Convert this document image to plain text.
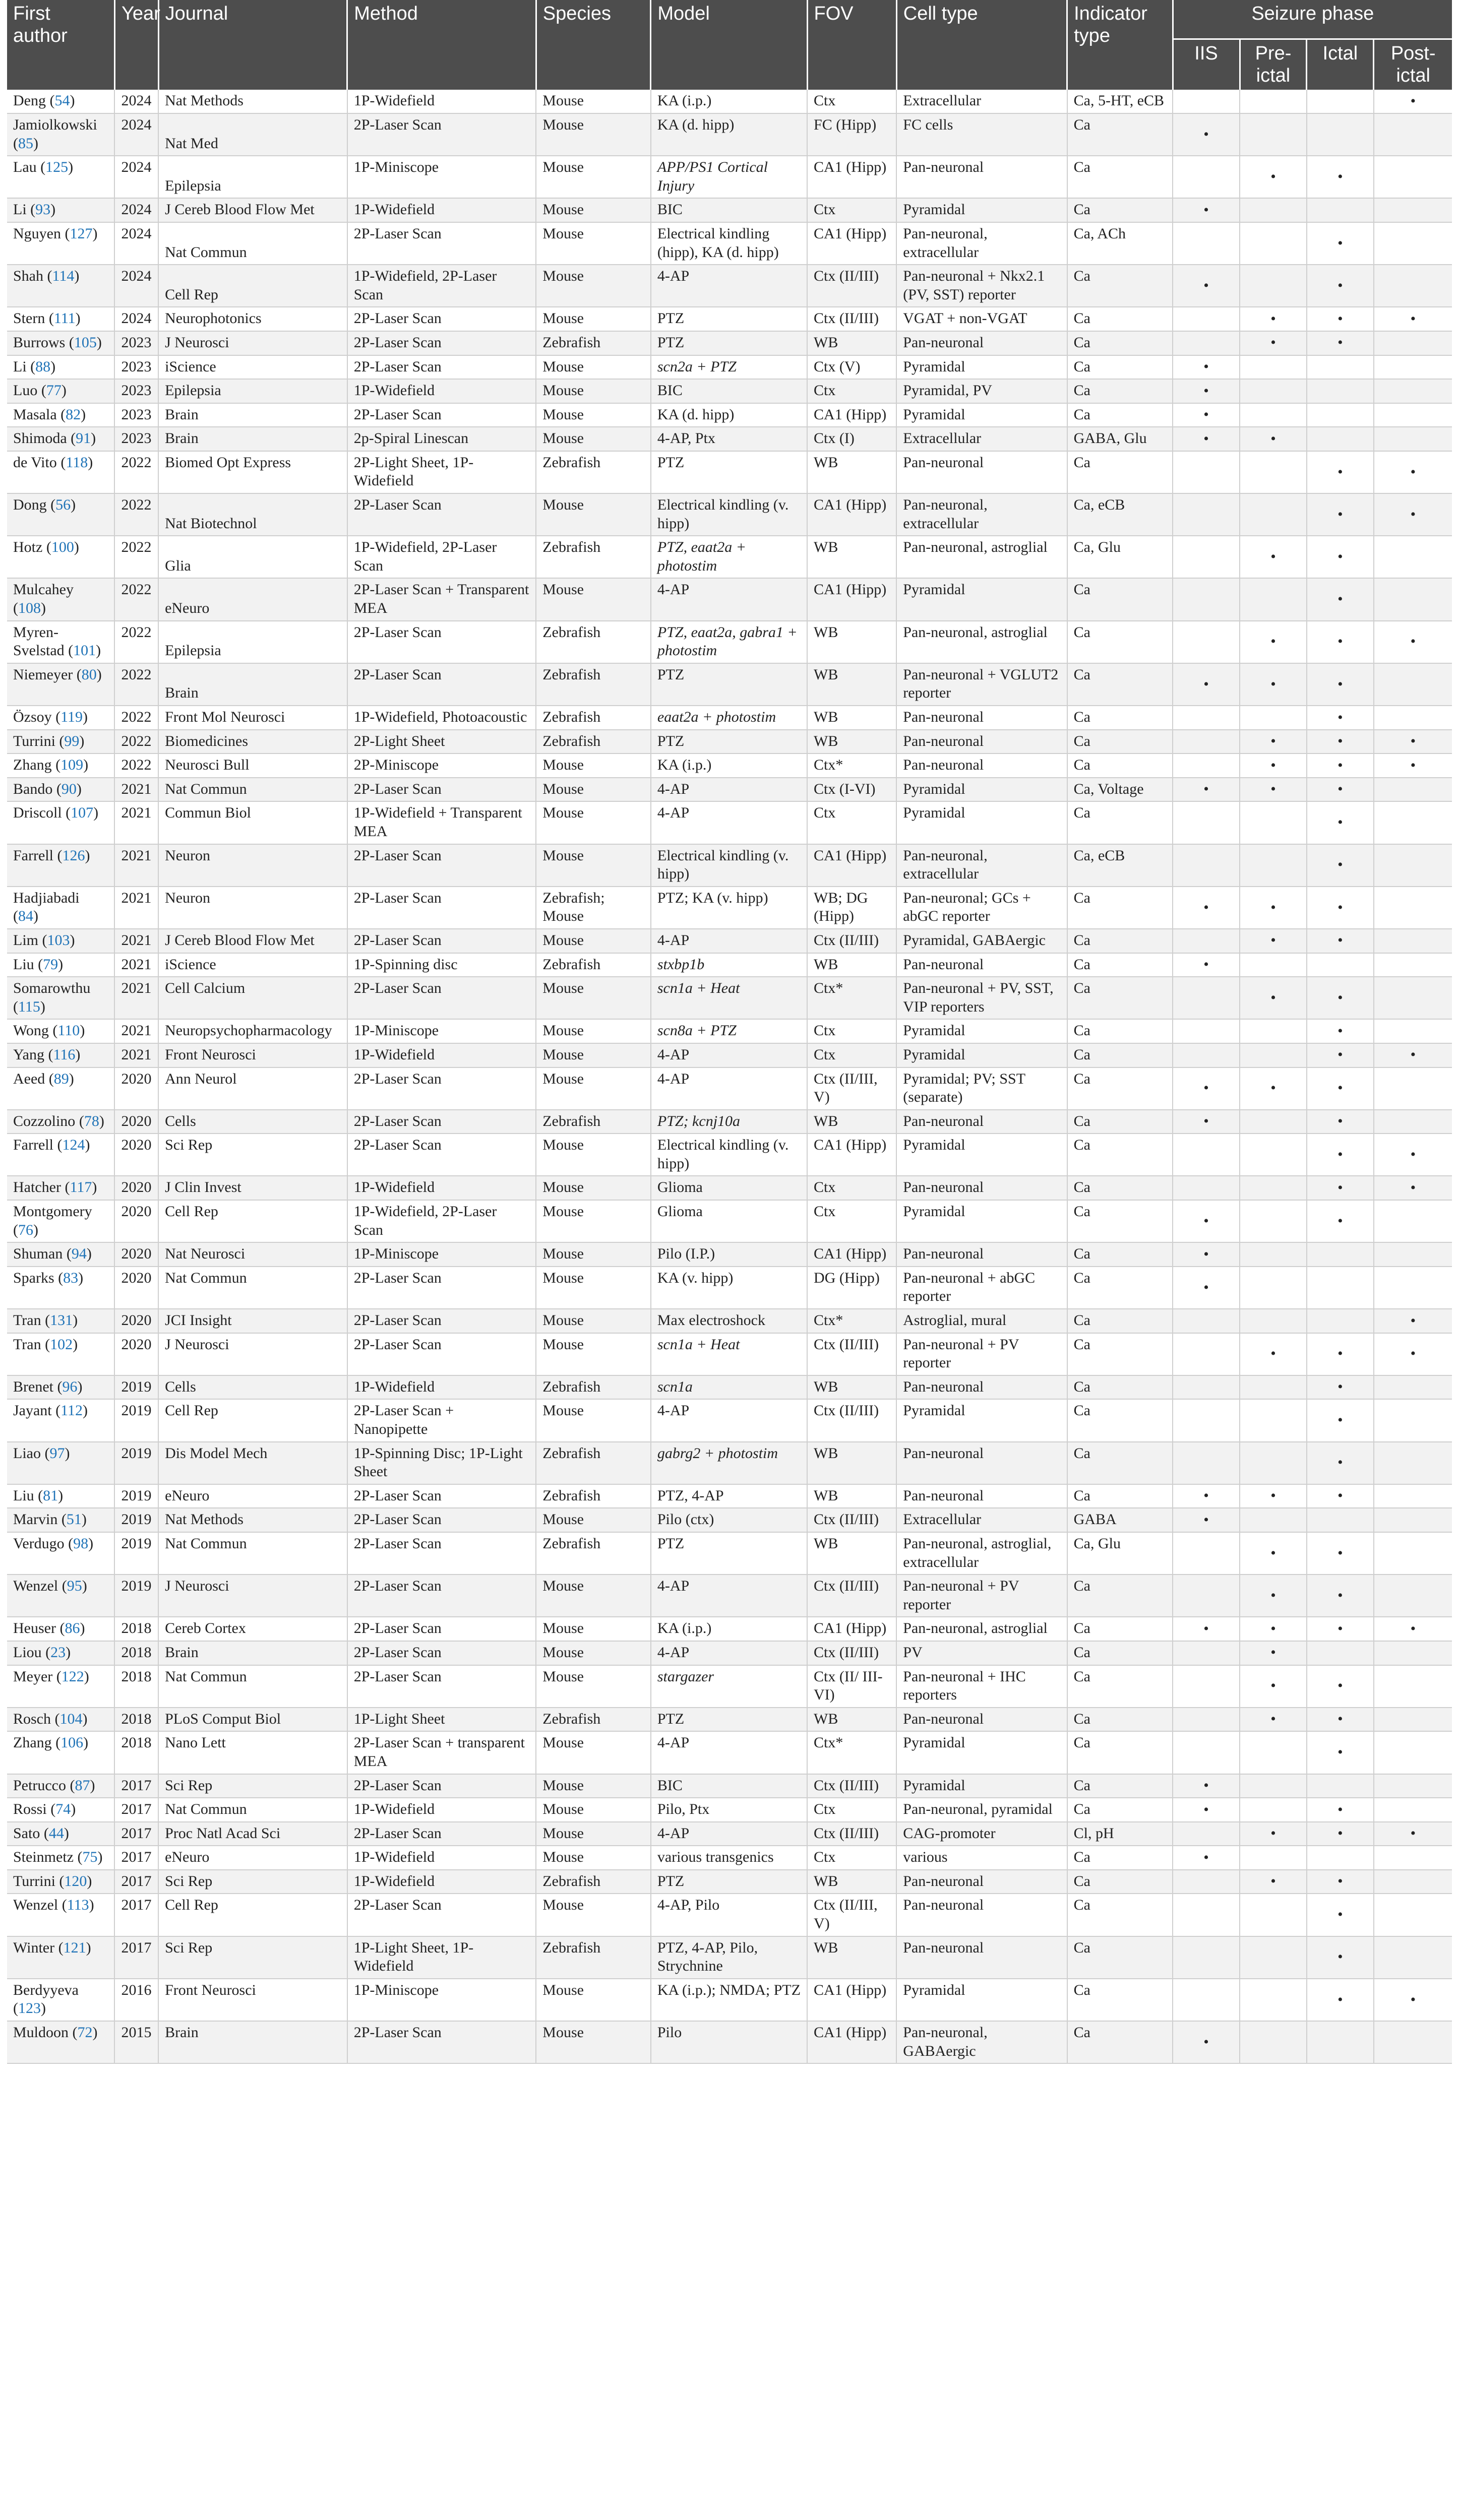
First author	Year	Journal	Method	Species	Model	FOV	Cell type	Indicator type	Seizure phase			
									IIS	Pre-ictal	Ictal	Post-ictal
Deng (54)	2024	Nat Methods	1P-Widefield	Mouse	KA (i.p.)	Ctx	Extracellular	Ca, 5-HT, eCB				•
Jamiolkowski (85)	2024	Nat Med	2P-Laser Scan	Mouse	KA (d. hipp)	FC (Hipp)	FC cells	Ca	•			
Lau (125)	2024	Epilepsia	1P-Miniscope	Mouse	APP/PS1 Cortical Injury	CA1 (Hipp)	Pan-neuronal	Ca		•	•	
Li (93)	2024	J Cereb Blood Flow Met	1P-Widefield	Mouse	BIC	Ctx	Pyramidal	Ca	•			
Nguyen (127)	2024	Nat Commun	2P-Laser Scan	Mouse	Electrical kindling (hipp), KA (d. hipp)	CA1 (Hipp)	Pan-neuronal, extracellular	Ca, ACh			•	
Shah (114)	2024	Cell Rep	1P-Widefield, 2P-Laser Scan	Mouse	4-AP	Ctx (II/III)	Pan-neuronal + Nkx2.1 (PV, SST) reporter	Ca	•		•	
Stern (111)	2024	Neurophotonics	2P-Laser Scan	Mouse	PTZ	Ctx (II/III)	VGAT + non-VGAT	Ca		•	•	•
Burrows (105)	2023	J Neurosci	2P-Laser Scan	Zebrafish	PTZ	WB	Pan-neuronal	Ca		•	•	
Li (88)	2023	iScience	2P-Laser Scan	Mouse	scn2a + PTZ	Ctx (V)	Pyramidal	Ca	•			
Luo (77)	2023	Epilepsia	1P-Widefield	Mouse	BIC	Ctx	Pyramidal, PV	Ca	•			
Masala (82)	2023	Brain	2P-Laser Scan	Mouse	KA (d. hipp)	CA1 (Hipp)	Pyramidal	Ca	•			
Shimoda (91)	2023	Brain	2p-Spiral Linescan	Mouse	4-AP, Ptx	Ctx (I)	Extracellular	GABA, Glu	•	•		
de Vito (118)	2022	Biomed Opt Express	2P-Light Sheet, 1P-Widefield	Zebrafish	PTZ	WB	Pan-neuronal	Ca			•	•
Dong (56)	2022	Nat Biotechnol	2P-Laser Scan	Mouse	Electrical kindling (v. hipp)	CA1 (Hipp)	Pan-neuronal, extracellular	Ca, eCB			•	•
Hotz (100)	2022	Glia	1P-Widefield, 2P-Laser Scan	Zebrafish	PTZ, eaat2a + photostim	WB	Pan-neuronal, astroglial	Ca, Glu		•	•	
Mulcahey (108)	2022	eNeuro	2P-Laser Scan + Transparent MEA	Mouse	4-AP	CA1 (Hipp)	Pyramidal	Ca			•	
Myren-Svelstad (101)	2022	Epilepsia	2P-Laser Scan	Zebrafish	PTZ, eaat2a, gabra1 + photostim	WB	Pan-neuronal, astroglial	Ca		•	•	•
Niemeyer (80)	2022	Brain	2P-Laser Scan	Zebrafish	PTZ	WB	Pan-neuronal + VGLUT2 reporter	Ca	•	•	•	
Özsoy (119)	2022	Front Mol Neurosci	1P-Widefield, Photoacoustic	Zebrafish	eaat2a + photostim	WB	Pan-neuronal	Ca			•	
Turrini (99)	2022	Biomedicines	2P-Light Sheet	Zebrafish	PTZ	WB	Pan-neuronal	Ca		•	•	•
Zhang (109)	2022	Neurosci Bull	2P-Miniscope	Mouse	KA (i.p.)	Ctx*	Pan-neuronal	Ca		•	•	•
Bando (90)	2021	Nat Commun	2P-Laser Scan	Mouse	4-AP	Ctx (I-VI)	Pyramidal	Ca, Voltage	•	•	•	
Driscoll (107)	2021	Commun Biol	1P-Widefield + Transparent MEA	Mouse	4-AP	Ctx	Pyramidal	Ca			•	
Farrell (126)	2021	Neuron	2P-Laser Scan	Mouse	Electrical kindling (v. hipp)	CA1 (Hipp)	Pan-neuronal, extracellular	Ca, eCB			•	
Hadjiabadi (84)	2021	Neuron	2P-Laser Scan	Zebrafish; Mouse	PTZ; KA (v. hipp)	WB; DG (Hipp)	Pan-neuronal; GCs + abGC reporter	Ca	•	•	•	
Lim (103)	2021	J Cereb Blood Flow Met	2P-Laser Scan	Mouse	4-AP	Ctx (II/III)	Pyramidal, GABAergic	Ca		•	•	
Liu (79)	2021	iScience	1P-Spinning disc	Zebrafish	stxbp1b	WB	Pan-neuronal	Ca	•			
Somarowthu (115)	2021	Cell Calcium	2P-Laser Scan	Mouse	scn1a + Heat	Ctx*	Pan-neuronal + PV, SST, VIP reporters	Ca		•	•	
Wong (110)	2021	Neuropsychopharmacology	1P-Miniscope	Mouse	scn8a + PTZ	Ctx	Pyramidal	Ca			•	
Yang (116)	2021	Front Neurosci	1P-Widefield	Mouse	4-AP	Ctx	Pyramidal	Ca			•	•
Aeed (89)	2020	Ann Neurol	2P-Laser Scan	Mouse	4-AP	Ctx (II/III, V)	Pyramidal; PV; SST (separate)	Ca	•	•	•	
Cozzolino (78)	2020	Cells	2P-Laser Scan	Zebrafish	PTZ; kcnj10a	WB	Pan-neuronal	Ca	•		•	
Farrell (124)	2020	Sci Rep	2P-Laser Scan	Mouse	Electrical kindling (v. hipp)	CA1 (Hipp)	Pyramidal	Ca			•	•
Hatcher (117)	2020	J Clin Invest	1P-Widefield	Mouse	Glioma	Ctx	Pan-neuronal	Ca			•	•
Montgomery (76)	2020	Cell Rep	1P-Widefield, 2P-Laser Scan	Mouse	Glioma	Ctx	Pyramidal	Ca	•		•	
Shuman (94)	2020	Nat Neurosci	1P-Miniscope	Mouse	Pilo (I.P.)	CA1 (Hipp)	Pan-neuronal	Ca	•			
Sparks (83)	2020	Nat Commun	2P-Laser Scan	Mouse	KA (v. hipp)	DG (Hipp)	Pan-neuronal + abGC reporter	Ca	•			
Tran (131)	2020	JCI Insight	2P-Laser Scan	Mouse	Max electroshock	Ctx*	Astroglial, mural	Ca				•
Tran (102)	2020	J Neurosci	2P-Laser Scan	Mouse	scn1a + Heat	Ctx (II/III)	Pan-neuronal + PV reporter	Ca		•	•	•
Brenet (96)	2019	Cells	1P-Widefield	Zebrafish	scn1a	WB	Pan-neuronal	Ca			•	
Jayant (112)	2019	Cell Rep	2P-Laser Scan + Nanopipette	Mouse	4-AP	Ctx (II/III)	Pyramidal	Ca			•	
Liao (97)	2019	Dis Model Mech	1P-Spinning Disc; 1P-Light Sheet	Zebrafish	gabrg2 + photostim	WB	Pan-neuronal	Ca			•	
Liu (81)	2019	eNeuro	2P-Laser Scan	Zebrafish	PTZ, 4-AP	WB	Pan-neuronal	Ca	•	•	•	
Marvin (51)	2019	Nat Methods	2P-Laser Scan	Mouse	Pilo (ctx)	Ctx (II/III)	Extracellular	GABA	•			
Verdugo (98)	2019	Nat Commun	2P-Laser Scan	Zebrafish	PTZ	WB	Pan-neuronal, astroglial, extracellular	Ca, Glu		•	•	
Wenzel (95)	2019	J Neurosci	2P-Laser Scan	Mouse	4-AP	Ctx (II/III)	Pan-neuronal + PV reporter	Ca		•	•	
Heuser (86)	2018	Cereb Cortex	2P-Laser Scan	Mouse	KA (i.p.)	CA1 (Hipp)	Pan-neuronal, astroglial	Ca	•	•	•	•
Liou (23)	2018	Brain	2P-Laser Scan	Mouse	4-AP	Ctx (II/III)	PV	Ca		•		
Meyer (122)	2018	Nat Commun	2P-Laser Scan	Mouse	stargazer	Ctx (II/ III-VI)	Pan-neuronal + IHC reporters	Ca		•	•	
Rosch (104)	2018	PLoS Comput Biol	1P-Light Sheet	Zebrafish	PTZ	WB	Pan-neuronal	Ca		•	•	
Zhang (106)	2018	Nano Lett	2P-Laser Scan + transparent MEA	Mouse	4-AP	Ctx*	Pyramidal	Ca			•	
Petrucco (87)	2017	Sci Rep	2P-Laser Scan	Mouse	BIC	Ctx (II/III)	Pyramidal	Ca	•			
Rossi (74)	2017	Nat Commun	1P-Widefield	Mouse	Pilo, Ptx	Ctx	Pan-neuronal, pyramidal	Ca	•		•	
Sato (44)	2017	Proc Natl Acad Sci	2P-Laser Scan	Mouse	4-AP	Ctx (II/III)	CAG-promoter	Cl, pH		•	•	•
Steinmetz (75)	2017	eNeuro	1P-Widefield	Mouse	various transgenics	Ctx	various	Ca	•			
Turrini (120)	2017	Sci Rep	1P-Widefield	Zebrafish	PTZ	WB	Pan-neuronal	Ca		•	•	
Wenzel (113)	2017	Cell Rep	2P-Laser Scan	Mouse	4-AP, Pilo	Ctx (II/III, V)	Pan-neuronal	Ca			•	
Winter (121)	2017	Sci Rep	1P-Light Sheet, 1P-Widefield	Zebrafish	PTZ, 4-AP, Pilo, Strychnine	WB	Pan-neuronal	Ca			•	
Berdyyeva (123)	2016	Front Neurosci	1P-Miniscope	Mouse	KA (i.p.); NMDA; PTZ	CA1 (Hipp)	Pyramidal	Ca			•	•
Muldoon (72)	2015	Brain	2P-Laser Scan	Mouse	Pilo	CA1 (Hipp)	Pan-neuronal, GABAergic	Ca	•			
